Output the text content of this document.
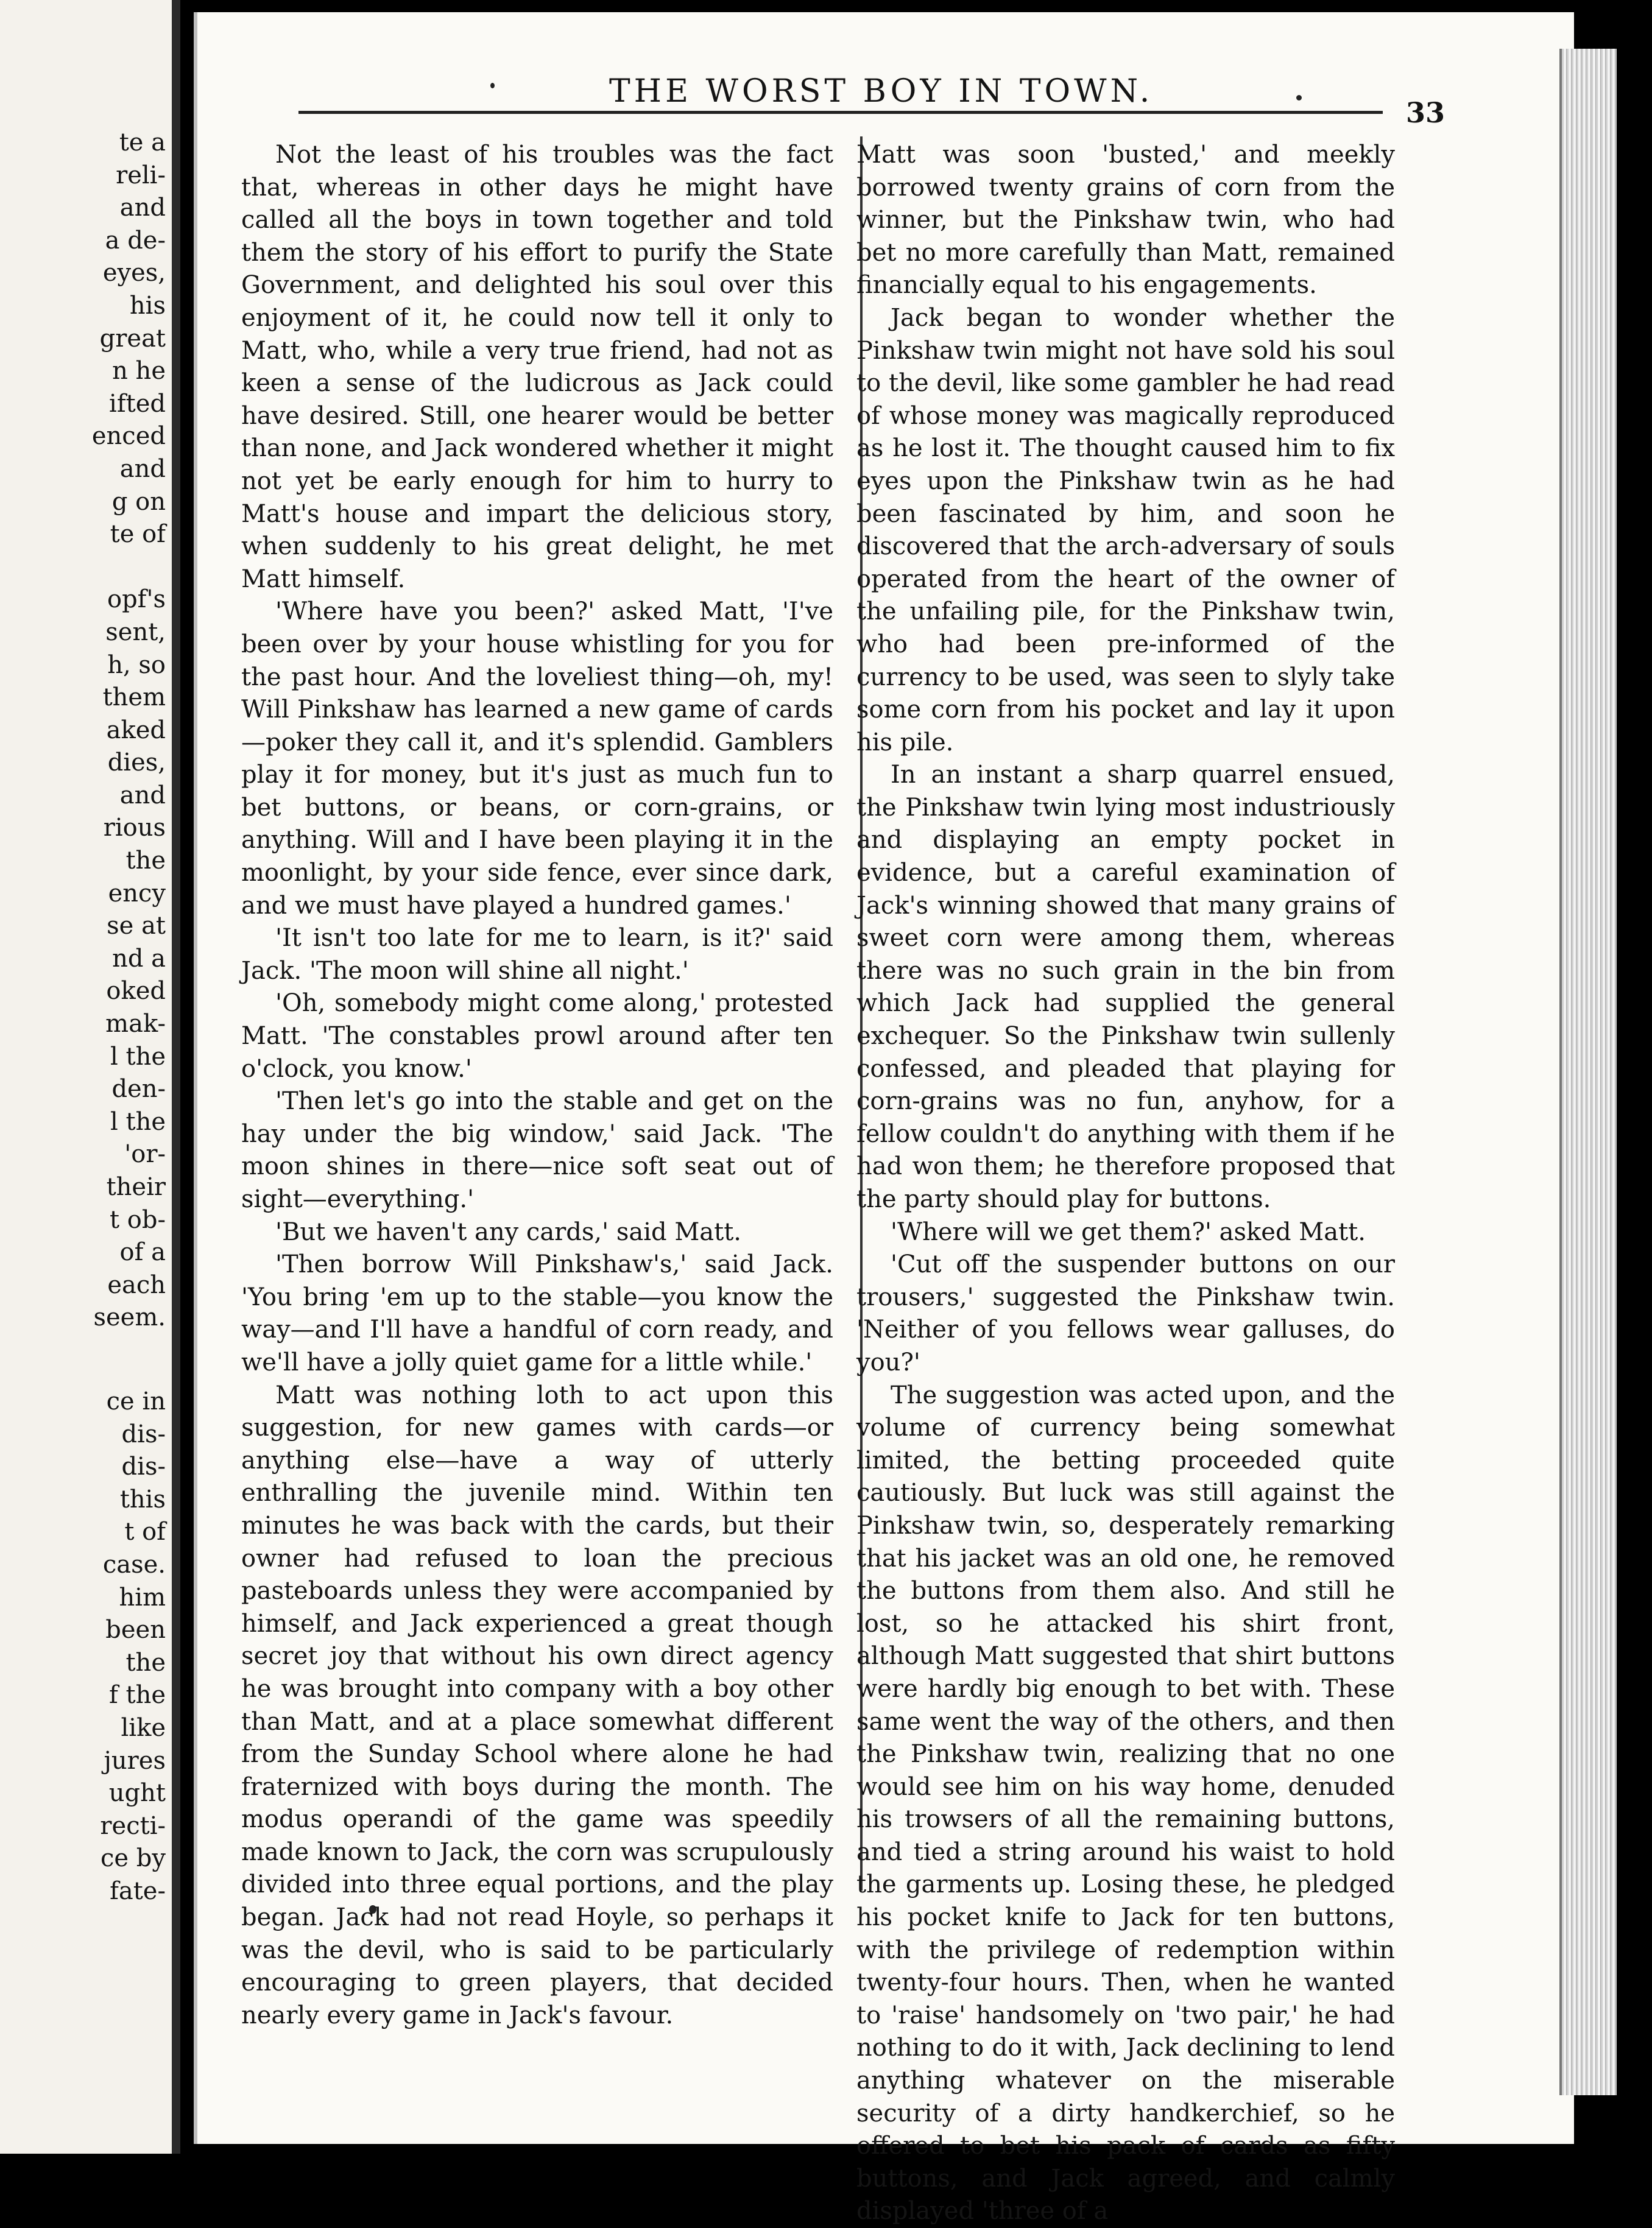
te a
reli-
and
a de-
eyes,
his
great
n he
ifted
enced
and
g on
te of

opf's
sent,
h, so
them
aked
dies,
and
rious
the
ency
se at
nd a
oked
mak-
l the
den-
l the
'or-
their
t ob-
of a
each
seem.
ce in
dis-
dis-
this
t of
case.
him
been
the
f the
like
jures
ught
recti-
ce by
fate-
THE WORST BOY IN TOWN.
33

Not the least of his troubles was the fact that, whereas in other days he might have called all the boys in town together and told them the story of his effort to purify the State Government, and delighted his soul over this enjoyment of it, he could now tell it only to Matt, who, while a very true friend, had not as keen a sense of the ludicrous as Jack could have desired. Still, one hearer would be better than none, and Jack wondered whether it might not yet be early enough for him to hurry to Matt's house and impart the delicious story, when suddenly to his great delight, he met Matt himself.

'Where have you been?' asked Matt, 'I've been over by your house whistling for you for the past hour. And the loveliest thing—oh, my! Will Pinkshaw has learned a new game of cards—poker they call it, and it's splendid. Gamblers play it for money, but it's just as much fun to bet buttons, or beans, or corn-grains, or anything. Will and I have been playing it in the moonlight, by your side fence, ever since dark, and we must have played a hundred games.'

'It isn't too late for me to learn, is it?' said Jack. 'The moon will shine all night.'

'Oh, somebody might come along,' protested Matt. 'The constables prowl around after ten o'clock, you know.'

'Then let's go into the stable and get on the hay under the big window,' said Jack. 'The moon shines in there—nice soft seat out of sight—everything.'

'But we haven't any cards,' said Matt.

'Then borrow Will Pinkshaw's,' said Jack. 'You bring 'em up to the stable—you know the way—and I'll have a handful of corn ready, and we'll have a jolly quiet game for a little while.'

Matt was nothing loth to act upon this suggestion, for new games with cards—or anything else—have a way of utterly enthralling the juvenile mind. Within ten minutes he was back with the cards, but their owner had refused to loan the precious pasteboards unless they were accompanied by himself, and Jack experienced a great though secret joy that without his own direct agency he was brought into company with a boy other than Matt, and at a place somewhat different from the Sunday School where alone he had fraternized with boys during the month. The modus operandi of the game was speedily made known to Jack, the corn was scrupulously divided into three equal portions, and the play began. Jack had not read Hoyle, so perhaps it was the devil, who is said to be particularly encouraging to green players, that decided nearly every game in Jack's favour.

Matt was soon 'busted,' and meekly borrowed twenty grains of corn from the winner, but the Pinkshaw twin, who had bet no more carefully than Matt, remained financially equal to his engagements.

Jack began to wonder whether the Pinkshaw twin might not have sold his soul to the devil, like some gambler he had read of whose money was magically reproduced as he lost it. The thought caused him to fix eyes upon the Pinkshaw twin as he had been fascinated by him, and soon he discovered that the arch-adversary of souls operated from the heart of the owner of the unfailing pile, for the Pinkshaw twin, who had been pre-informed of the currency to be used, was seen to slyly take some corn from his pocket and lay it upon his pile.

In an instant a sharp quarrel ensued, the Pinkshaw twin lying most industriously and displaying an empty pocket in evidence, but a careful examination of Jack's winning showed that many grains of sweet corn were among them, whereas there was no such grain in the bin from which Jack had supplied the general exchequer. So the Pinkshaw twin sullenly confessed, and pleaded that playing for corn-grains was no fun, anyhow, for a fellow couldn't do anything with them if he had won them; he therefore proposed that the party should play for buttons.

'Where will we get them?' asked Matt.

'Cut off the suspender buttons on our trousers,' suggested the Pinkshaw twin. 'Neither of you fellows wear galluses, do you?'

The suggestion was acted upon, and the volume of currency being somewhat limited, the betting proceeded quite cautiously. But luck was still against the Pinkshaw twin, so, desperately remarking that his jacket was an old one, he removed the buttons from them also. And still he lost, so he attacked his shirt front, although Matt suggested that shirt buttons were hardly big enough to bet with. These same went the way of the others, and then the Pinkshaw twin, realizing that no one would see him on his way home, denuded his trowsers of all the remaining buttons, and tied a string around his waist to hold the garments up. Losing these, he pledged his pocket knife to Jack for ten buttons, with the privilege of redemption within twenty-four hours. Then, when he wanted to 'raise' handsomely on 'two pair,' he had nothing to do it with, Jack declining to lend anything whatever on the miserable security of a dirty handkerchief, so he offered to bet his pack of cards as fifty buttons, and Jack agreed, and calmly displayed 'three of a
